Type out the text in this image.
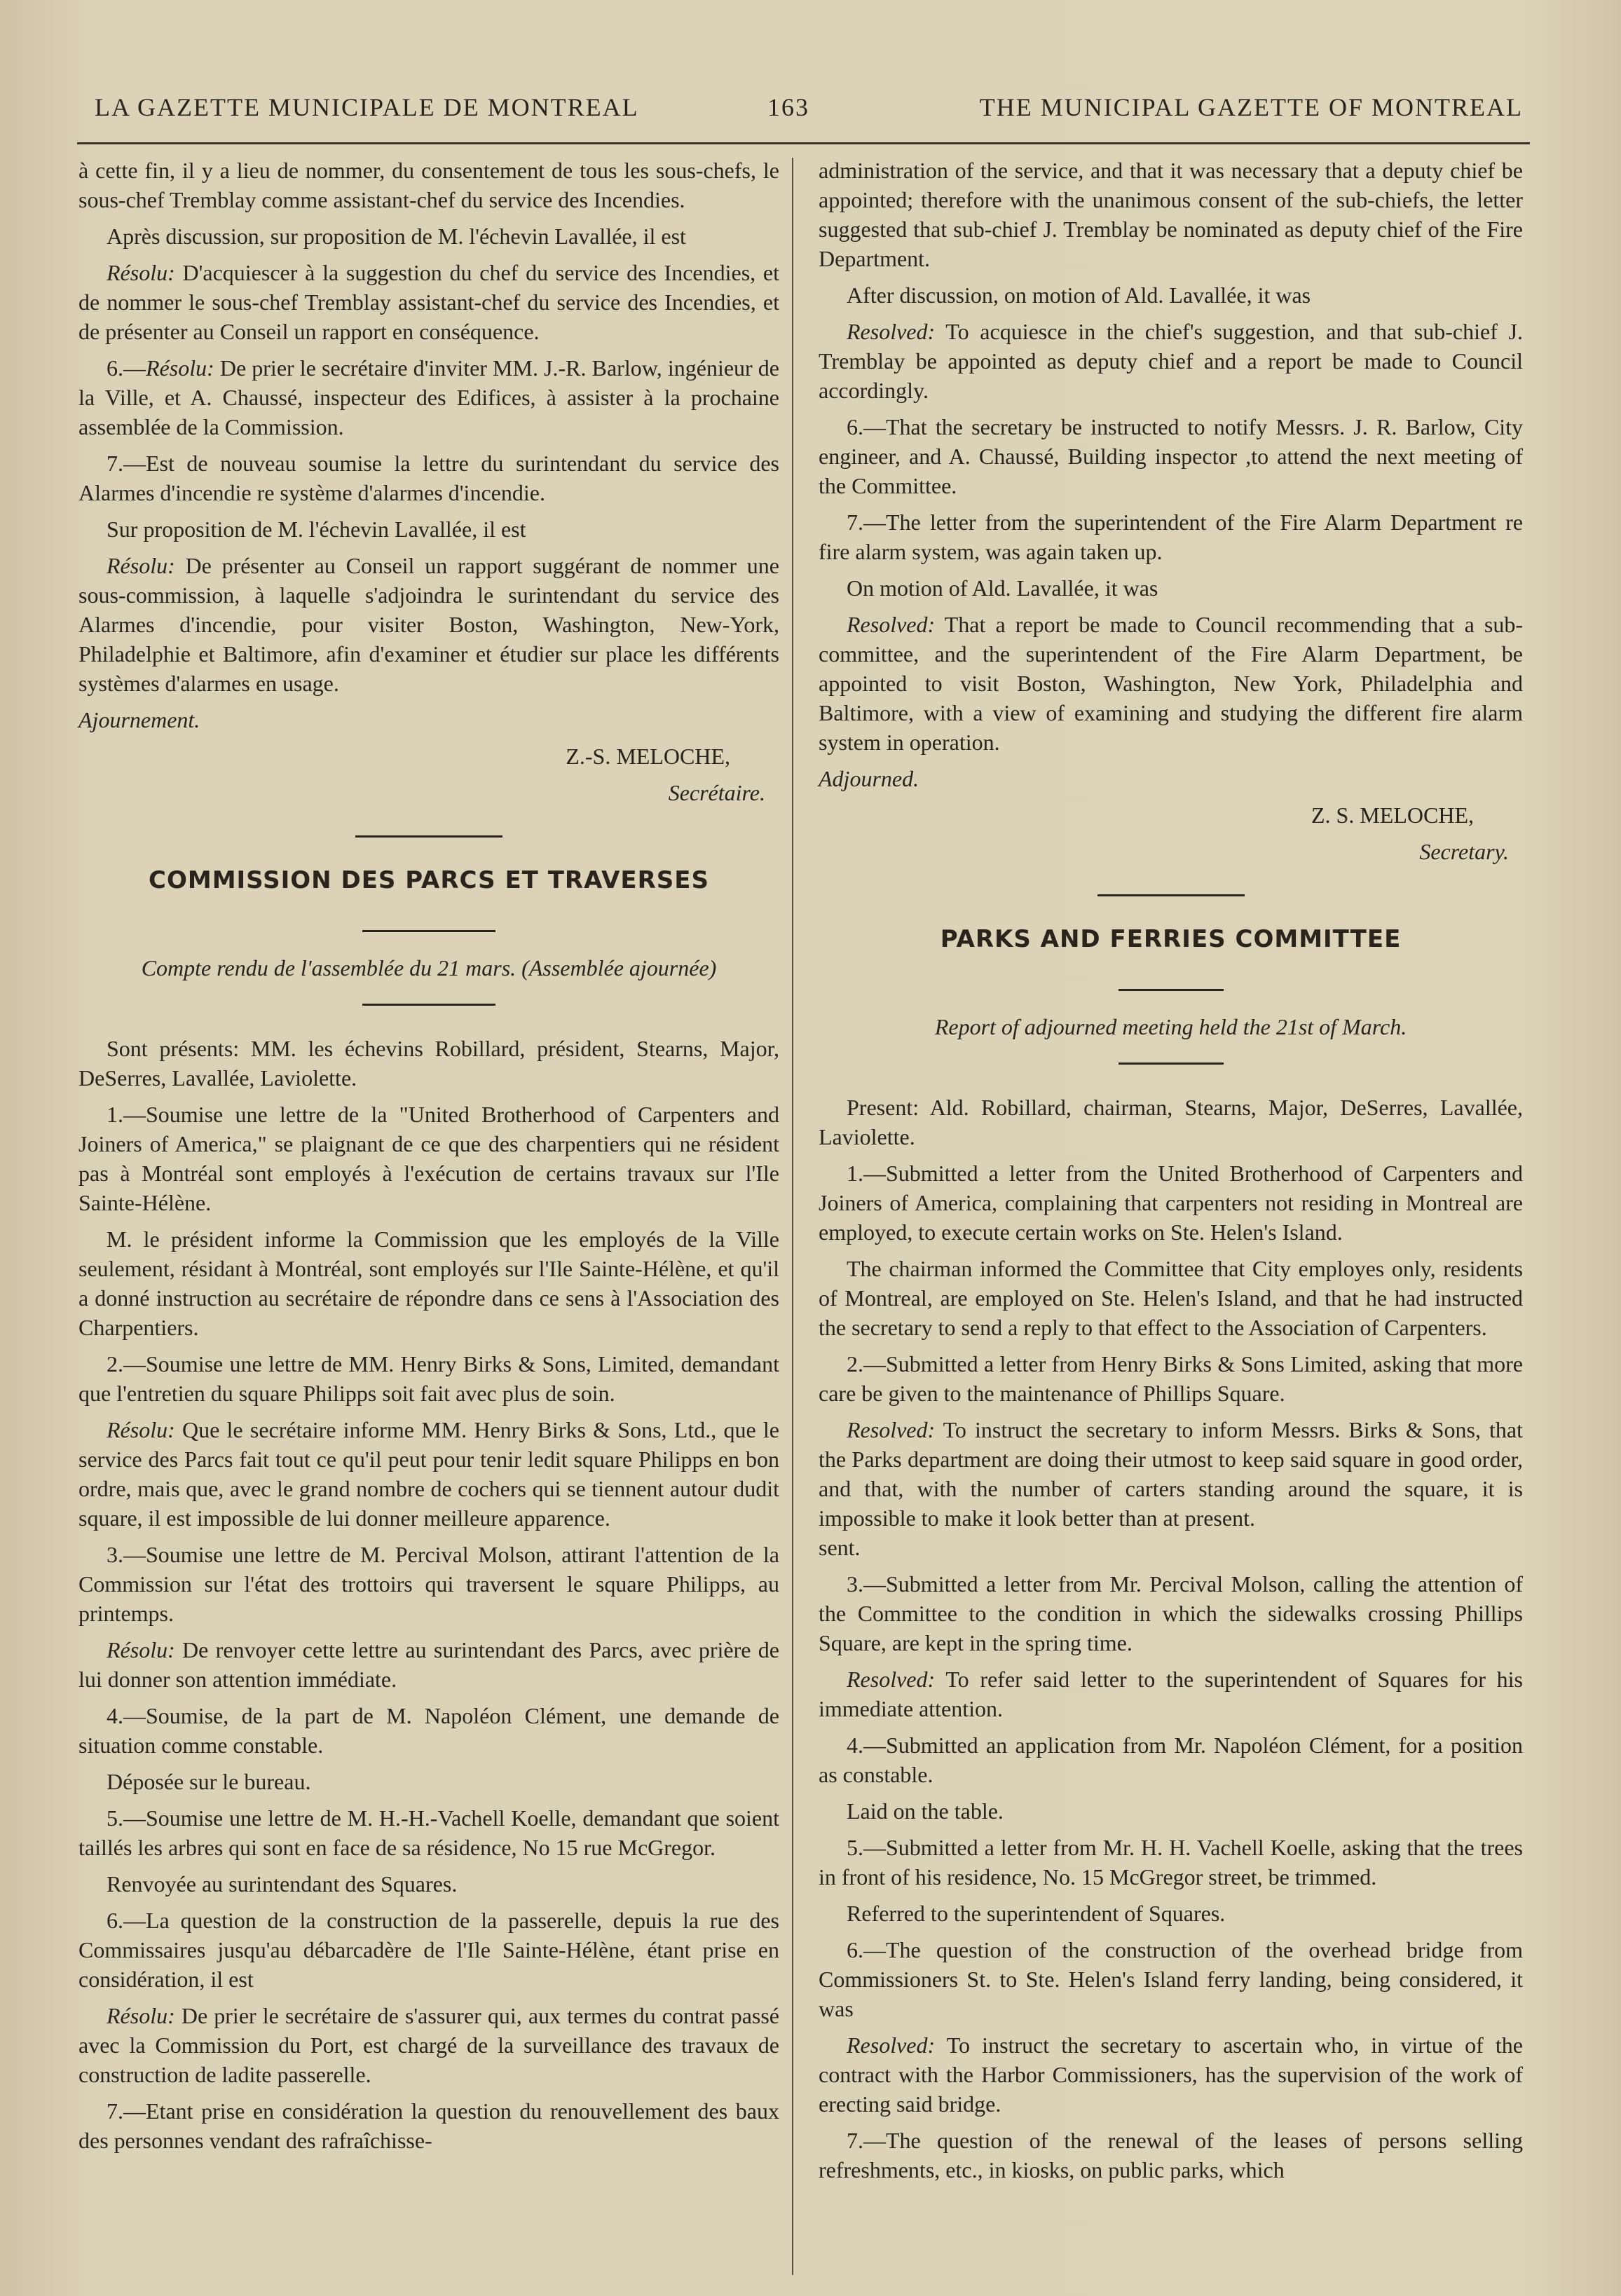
LA GAZETTE MUNICIPALE DE MONTREAL	163	THE MUNICIPAL GAZETTE OF MONTREAL

à cette fin, il y a lieu de nommer, du consentement de tous les sous-chefs, le sous-chef Tremblay comme assistant-chef du service des Incendies.

Après discussion, sur proposition de M. l'échevin Lavallée, il est

Résolu: D'acquiescer à la suggestion du chef du service des Incendies, et de nommer le sous-chef Tremblay assistant-chef du service des Incendies, et de présenter au Conseil un rapport en conséquence.

6.—Résolu: De prier le secrétaire d'inviter MM. J.-R. Barlow, ingénieur de la Ville, et A. Chaussé, inspecteur des Edifices, à assister à la prochaine assemblée de la Commission.

7.—Est de nouveau soumise la lettre du surintendant du service des Alarmes d'incendie re système d'alarmes d'incendie.

Sur proposition de M. l'échevin Lavallée, il est

Résolu: De présenter au Conseil un rapport suggérant de nommer une sous-commission, à laquelle s'adjoindra le surintendant du service des Alarmes d'incendie, pour visiter Boston, Washington, New-York, Philadelphie et Baltimore, afin d'examiner et étudier sur place les différents systèmes d'alarmes en usage.

Ajournement.

Z.-S. MELOCHE,

Secrétaire.

COMMISSION DES PARCS ET TRAVERSES

Compte rendu de l'assemblée du 21 mars. (Assemblée ajournée)

Sont présents: MM. les échevins Robillard, président, Stearns, Major, DeSerres, Lavallée, Laviolette.

1.—Soumise une lettre de la "United Brotherhood of Carpenters and Joiners of America," se plaignant de ce que des charpentiers qui ne résident pas à Montréal sont employés à l'exécution de certains travaux sur l'Ile Sainte-Hélène.

M. le président informe la Commission que les employés de la Ville seulement, résidant à Montréal, sont employés sur l'Ile Sainte-Hélène, et qu'il a donné instruction au secrétaire de répondre dans ce sens à l'Association des Charpentiers.

2.—Soumise une lettre de MM. Henry Birks & Sons, Limited, demandant que l'entretien du square Philipps soit fait avec plus de soin.

Résolu: Que le secrétaire informe MM. Henry Birks & Sons, Ltd., que le service des Parcs fait tout ce qu'il peut pour tenir ledit square Philipps en bon ordre, mais que, avec le grand nombre de cochers qui se tiennent autour dudit square, il est impossible de lui donner meilleure apparence.

3.—Soumise une lettre de M. Percival Molson, attirant l'attention de la Commission sur l'état des trottoirs qui traversent le square Philipps, au printemps.

Résolu: De renvoyer cette lettre au surintendant des Parcs, avec prière de lui donner son attention immédiate.

4.—Soumise, de la part de M. Napoléon Clément, une demande de situation comme constable.

Déposée sur le bureau.

5.—Soumise une lettre de M. H.-H.-Vachell Koelle, demandant que soient taillés les arbres qui sont en face de sa résidence, No 15 rue McGregor.

Renvoyée au surintendant des Squares.

6.—La question de la construction de la passerelle, depuis la rue des Commissaires jusqu'au débarcadère de l'Ile Sainte-Hélène, étant prise en considération, il est

Résolu: De prier le secrétaire de s'assurer qui, aux termes du contrat passé avec la Commission du Port, est chargé de la surveillance des travaux de construction de ladite passerelle.

7.—Etant prise en considération la question du renouvellement des baux des personnes vendant des rafraîchisse-

administration of the service, and that it was necessary that a deputy chief be appointed; therefore with the unanimous consent of the sub-chiefs, the letter suggested that sub-chief J. Tremblay be nominated as deputy chief of the Fire Department.

After discussion, on motion of Ald. Lavallée, it was

Resolved: To acquiesce in the chief's suggestion, and that sub-chief J. Tremblay be appointed as deputy chief and a report be made to Council accordingly.

6.—That the secretary be instructed to notify Messrs. J. R. Barlow, City engineer, and A. Chaussé, Building inspector ,to attend the next meeting of the Committee.

7.—The letter from the superintendent of the Fire Alarm Department re fire alarm system, was again taken up.

On motion of Ald. Lavallée, it was

Resolved: That a report be made to Council recommending that a sub-committee, and the superintendent of the Fire Alarm Department, be appointed to visit Boston, Washington, New York, Philadelphia and Baltimore, with a view of examining and studying the different fire alarm system in operation.

Adjourned.

Z. S. MELOCHE,

Secretary.

PARKS AND FERRIES COMMITTEE

Report of adjourned meeting held the 21st of March.

Present: Ald. Robillard, chairman, Stearns, Major, DeSerres, Lavallée, Laviolette.

1.—Submitted a letter from the United Brotherhood of Carpenters and Joiners of America, complaining that carpenters not residing in Montreal are employed, to execute certain works on Ste. Helen's Island.

The chairman informed the Committee that City employes only, residents of Montreal, are employed on Ste. Helen's Island, and that he had instructed the secretary to send a reply to that effect to the Association of Carpenters.

2.—Submitted a letter from Henry Birks & Sons Limited, asking that more care be given to the maintenance of Phillips Square.

Resolved: To instruct the secretary to inform Messrs. Birks & Sons, that the Parks department are doing their utmost to keep said square in good order, and that, with the number of carters standing around the square, it is impossible to make it look better than at present.

sent.

3.—Submitted a letter from Mr. Percival Molson, calling the attention of the Committee to the condition in which the sidewalks crossing Phillips Square, are kept in the spring time.

Resolved: To refer said letter to the superintendent of Squares for his immediate attention.

4.—Submitted an application from Mr. Napoléon Clément, for a position as constable.

Laid on the table.

5.—Submitted a letter from Mr. H. H. Vachell Koelle, asking that the trees in front of his residence, No. 15 McGregor street, be trimmed.

Referred to the superintendent of Squares.

6.—The question of the construction of the overhead bridge from Commissioners St. to Ste. Helen's Island ferry landing, being considered, it was

Resolved: To instruct the secretary to ascertain who, in virtue of the contract with the Harbor Commissioners, has the supervision of the work of erecting said bridge.

7.—The question of the renewal of the leases of persons selling refreshments, etc., in kiosks, on public parks, which
